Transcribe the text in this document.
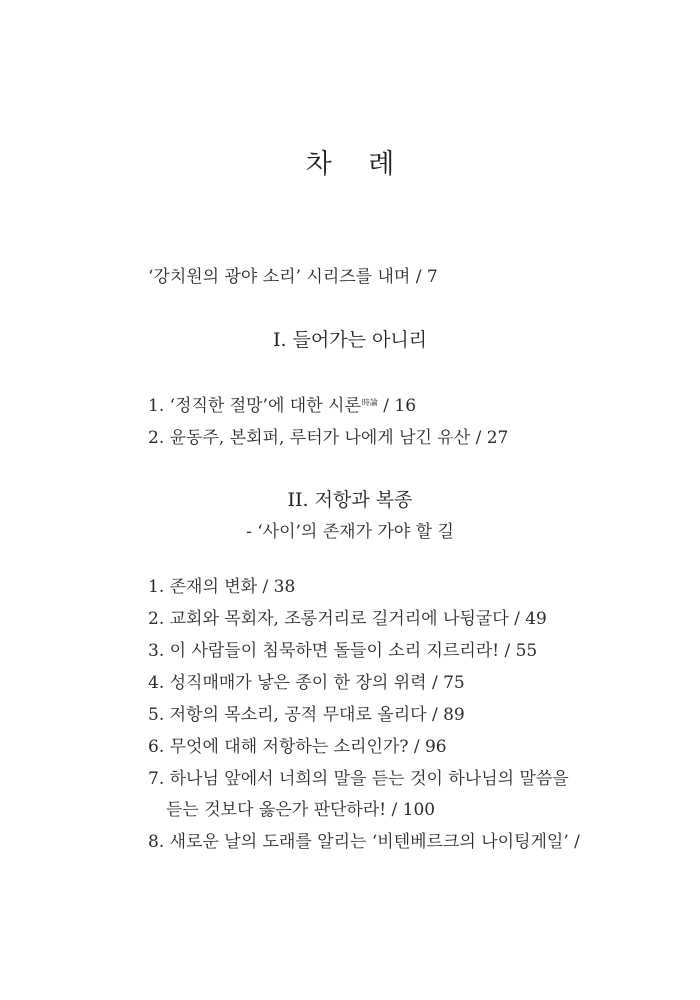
차 례
‘강치원의 광야 소리’ 시리즈를 내며 / 7
I. 들어가는 아니리
1. ‘정직한 절망’에 대한 시론$^{時論}$ / 16
2. 윤동주, 본회퍼, 루터가 나에게 남긴 유산 / 27
II. 저항과 복종
- ‘사이’의 존재가 가야 할 길
1. 존재의 변화 / 38
2. 교회와 목회자, 조롱거리로 길거리에 나뒹굴다 / 49
3. 이 사람들이 침묵하면 돌들이 소리 지르리라! / 55
4. 성직매매가 낳은 종이 한 장의 위력 / 75
5. 저항의 목소리, 공적 무대로 올리다 / 89
6. 무엇에 대해 저항하는 소리인가? / 96
7. 하나님 앞에서 너희의 말을 듣는 것이 하나님의 말씀을
듣는 것보다 옳은가 판단하라! / 100
8. 새로운 날의 도래를 알리는 ‘비텐베르크의 나이팅게일’ /
